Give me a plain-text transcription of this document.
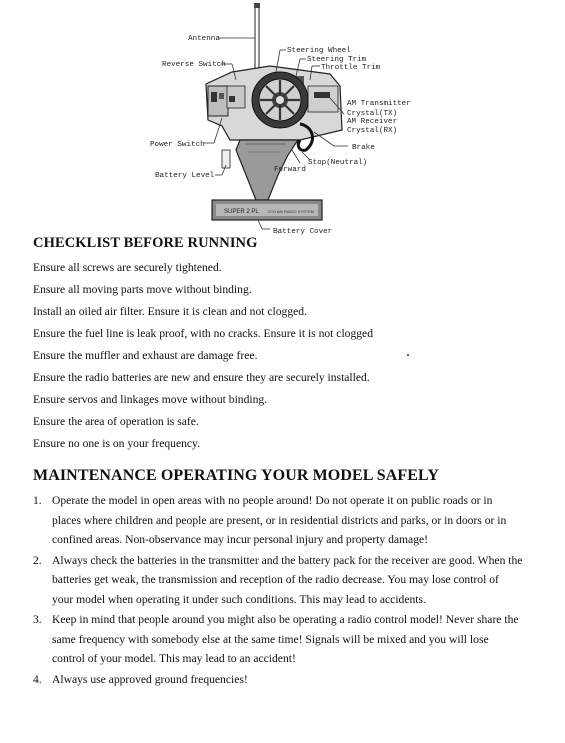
SUPER 2 PL 2CH AM RADIO SYSTEM
Antenna
Reverse Switch
Steering Wheel
Steering Trim
Throttle Trim
AM Transmitter
Crystal(TX)
AM Receiver
Crystal(RX)
Power Switch	Brake
Stop(Neutral)
Forward
Battery Level
Battery Cover
CHECKLIST BEFORE RUNNING
Ensure all screws are securely tightened.
Ensure all moving parts move without binding.
Install an oiled air filter. Ensure it is clean and not clogged.
Ensure the fuel line is leak proof, with no cracks. Ensure it is not clogged
Ensure the muffler and exhaust are damage free.
Ensure the radio batteries are new and ensure they are securely installed.
Ensure servos and linkages move without binding.
Ensure the area of operation is safe.
Ensure no one is on your frequency.
MAINTENANCE OPERATING YOUR MODEL SAFELY
1. Operate the model in open areas with no people around! Do not operate it on public roads or in places where children and people are present, or in residential districts and parks, or in doors or in confined areas. Non-observance may incur personal injury and property damage!
2. Always check the batteries in the transmitter and the battery pack for the receiver are good. When the batteries get weak, the transmission and reception of the radio decrease. You may lose control of your model when operating it under such conditions. This may lead to accidents.
3. Keep in mind that people around you might also be operating a radio control model! Never share the same frequency with somebody else at the same time! Signals will be mixed and you will lose control of your model. This may lead to an accident!
4. Always use approved ground frequencies!
